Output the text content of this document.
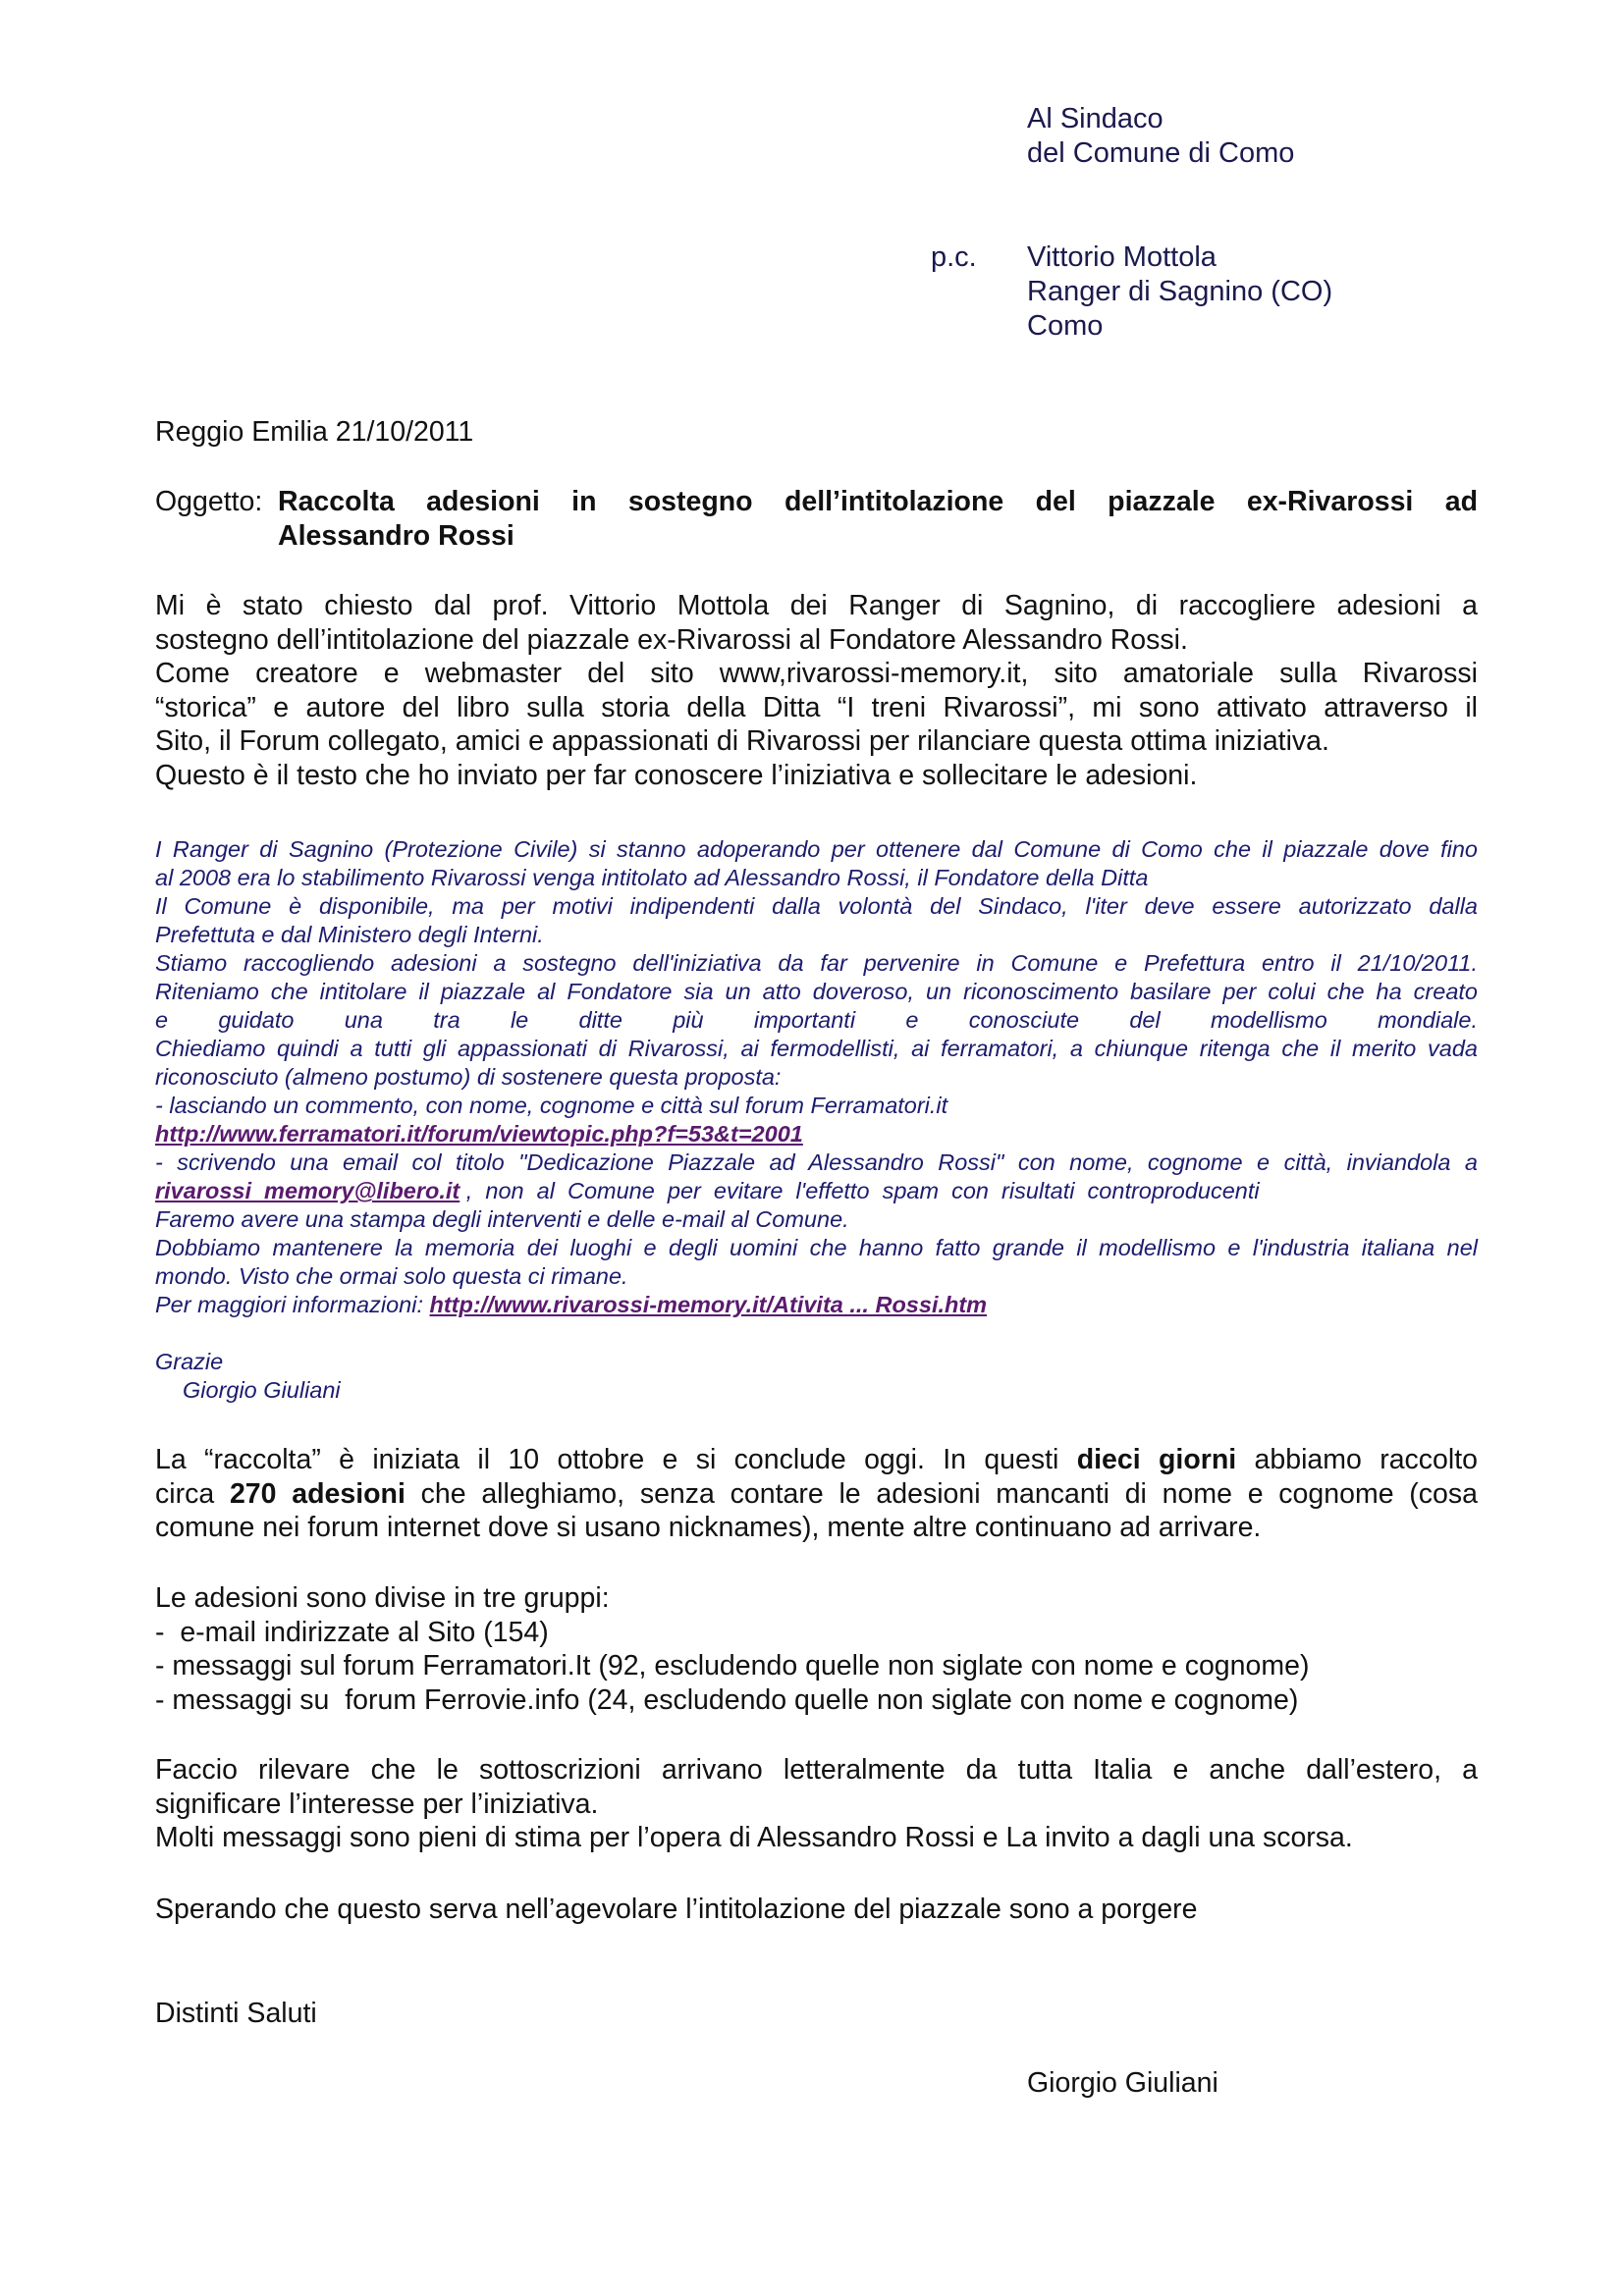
Al Sindaco
del Comune di Como
p.c. Vittorio Mottola
Ranger di Sagnino (CO)
Como
Reggio Emilia 21/10/2011
Oggetto: Raccolta adesioni in sostegno dell’intitolazione del piazzale ex-Rivarossi ad
Alessandro Rossi
Mi è stato chiesto dal prof. Vittorio Mottola dei Ranger di Sagnino, di raccogliere adesioni a
sostegno dell’intitolazione del piazzale ex-Rivarossi al Fondatore Alessandro Rossi.
Come creatore e webmaster del sito www,rivarossi-memory.it, sito amatoriale sulla Rivarossi
“storica” e autore del libro sulla storia della Ditta “I treni Rivarossi”, mi sono attivato attraverso il
Sito, il Forum collegato, amici e appassionati di Rivarossi per rilanciare questa ottima iniziativa.
Questo è il testo che ho inviato per far conoscere l’iniziativa e sollecitare le adesioni.
I Ranger di Sagnino (Protezione Civile) si stanno adoperando per ottenere dal Comune di Como che il piazzale dove fino
al 2008 era lo stabilimento Rivarossi venga intitolato ad Alessandro Rossi, il Fondatore della Ditta
Il Comune è disponibile, ma per motivi indipendenti dalla volontà del Sindaco, l'iter deve essere autorizzato dalla
Prefettuta e dal Ministero degli Interni.
Stiamo raccogliendo adesioni a sostegno dell'iniziativa da far pervenire in Comune e Prefettura entro il 21/10/2011.
Riteniamo che intitolare il piazzale al Fondatore sia un atto doveroso, un riconoscimento basilare per colui che ha creato
e guidato una tra le ditte più importanti e conosciute del modellismo mondiale.
Chiediamo quindi a tutti gli appassionati di Rivarossi, ai fermodellisti, ai ferramatori, a chiunque ritenga che il merito vada
riconosciuto (almeno postumo) di sostenere questa proposta:
- lasciando un commento, con nome, cognome e città sul forum Ferramatori.it
http://www.ferramatori.it/forum/viewtopic.php?f=53&t=2001
- scrivendo una email col titolo "Dedicazione Piazzale ad Alessandro Rossi" con nome, cognome e città, inviandola a
rivarossi_memory@libero.it ,  non  al  Comune  per  evitare  l'effetto  spam  con  risultati  controproducenti
Faremo avere una stampa degli interventi e delle e-mail al Comune.
Dobbiamo mantenere la memoria dei luoghi e degli uomini che hanno fatto grande il modellismo e l'industria italiana nel
mondo. Visto che ormai solo questa ci rimane.
Per maggiori informazioni: http://www.rivarossi-memory.it/Ativita ... Rossi.htm
Grazie
Giorgio Giuliani
La “raccolta” è iniziata il 10 ottobre e si conclude oggi. In questi dieci giorni abbiamo raccolto
circa 270 adesioni che alleghiamo, senza contare le adesioni mancanti di nome e cognome (cosa
comune nei forum internet dove si usano nicknames), mente altre continuano ad arrivare.
Le adesioni sono divise in tre gruppi:
-  e-mail indirizzate al Sito (154)
- messaggi sul forum Ferramatori.It (92, escludendo quelle non siglate con nome e cognome)
- messaggi su  forum Ferrovie.info (24, escludendo quelle non siglate con nome e cognome)
Faccio rilevare che le sottoscrizioni arrivano letteralmente da tutta Italia e anche dall’estero, a
significare l’interesse per l’iniziativa.
Molti messaggi sono pieni di stima per l’opera di Alessandro Rossi e La invito a dagli una scorsa.
Sperando che questo serva nell’agevolare l’intitolazione del piazzale sono a porgere
Distinti Saluti
Giorgio Giuliani
